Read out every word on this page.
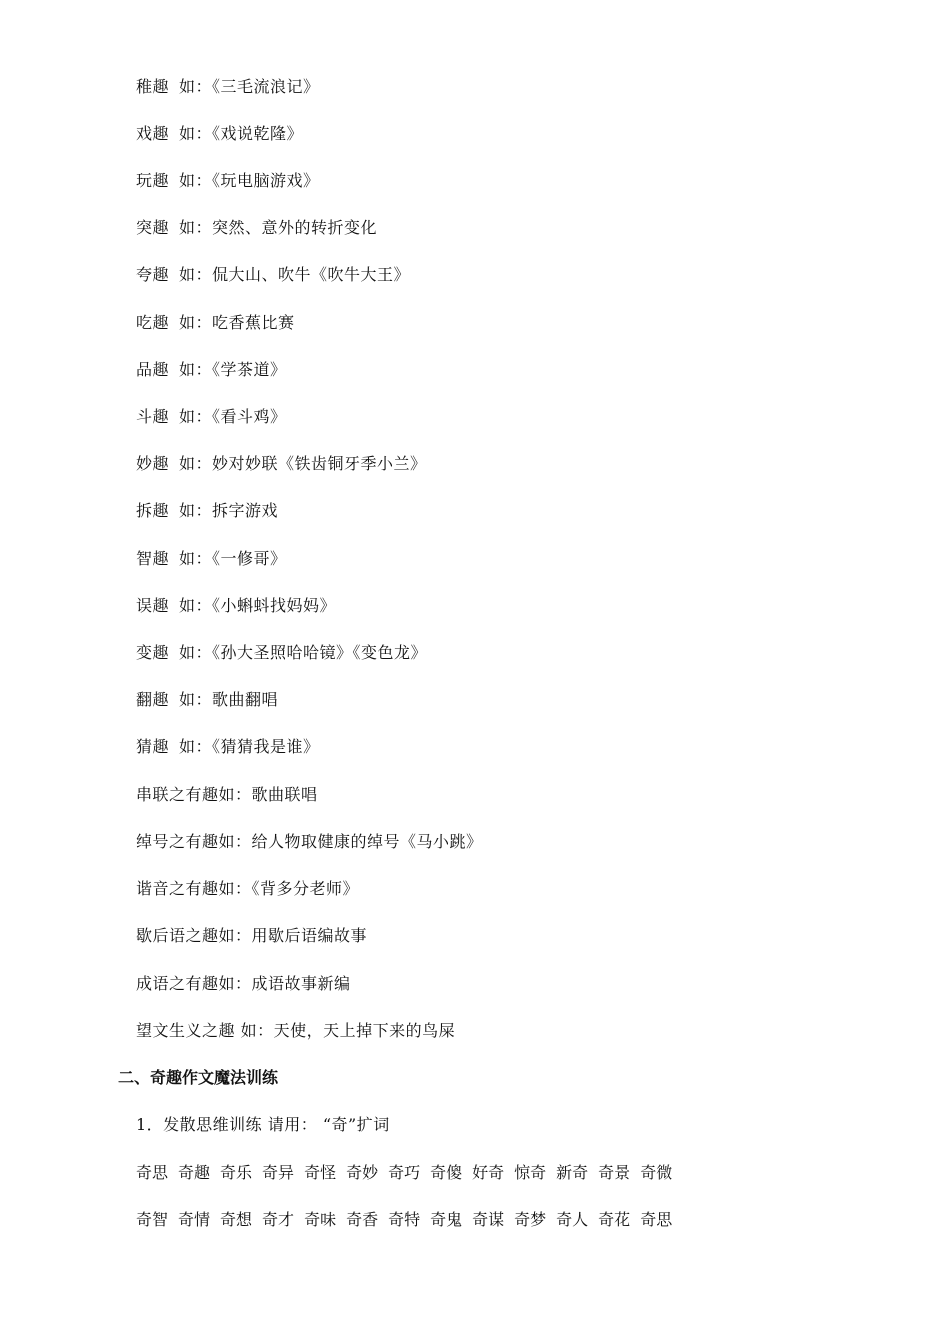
稚趣 如：《三毛流浪记》
戏趣 如：《戏说乾隆》
玩趣 如：《玩电脑游戏》
突趣 如：突然、意外的转折变化
夸趣 如：侃大山、吹牛《吹牛大王》
吃趣 如：吃香蕉比赛
品趣 如：《学茶道》
斗趣 如：《看斗鸡》
妙趣 如：妙对妙联《铁齿铜牙季小兰》
拆趣 如：拆字游戏
智趣 如：《一修哥》
误趣 如：《小蝌蚪找妈妈》
变趣 如：《孙大圣照哈哈镜》《变色龙》
翻趣 如：歌曲翻唱
猜趣 如：《猜猜我是谁》
串联之有趣如：歌曲联唱
绰号之有趣如：给人物取健康的绰号《马小跳》
谐音之有趣如：《背多分老师》
歇后语之趣如：用歇后语编故事
成语之有趣如：成语故事新编
望文生义之趣 如：天使，天上掉下来的鸟屎
二、奇趣作文魔法训练
1．发散思维训练 请用： “奇”扩词
奇思 奇趣 奇乐 奇异 奇怪 奇妙 奇巧 奇傻 好奇 惊奇 新奇 奇景 奇微
奇智 奇情 奇想 奇才 奇味 奇香 奇特 奇鬼 奇谋 奇梦 奇人 奇花 奇思
